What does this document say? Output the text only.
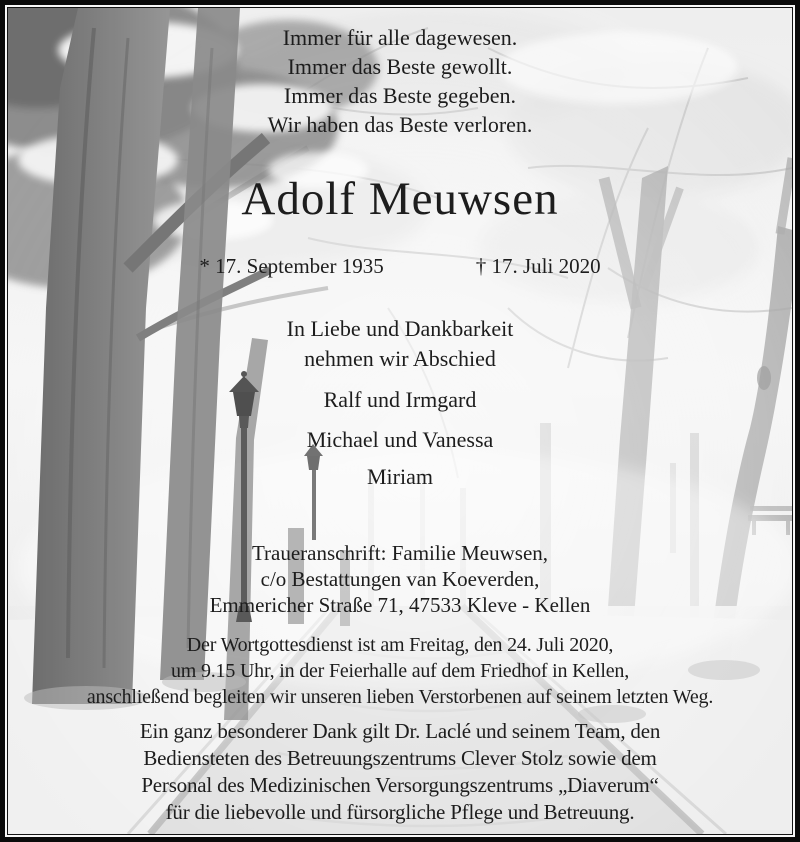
Immer für alle dagewesen.
Immer das Beste gewollt.
Immer das Beste gegeben.
Wir haben das Beste verloren.
Adolf Meuwsen
* 17. September 1935	† 17. Juli 2020
In Liebe und Dankbarkeit
nehmen wir Abschied
Ralf und Irmgard
Michael und Vanessa
Miriam
Traueranschrift: Familie Meuwsen,
c/o Bestattungen van Koeverden,
Emmericher Straße 71, 47533 Kleve - Kellen
Der Wortgottesdienst ist am Freitag, den 24. Juli 2020,
um 9.15 Uhr, in der Feierhalle auf dem Friedhof in Kellen,
anschließend begleiten wir unseren lieben Verstorbenen auf seinem letzten Weg.
Ein ganz besonderer Dank gilt Dr. Laclé und seinem Team, den
Bediensteten des Betreuungszentrums Clever Stolz sowie dem
Personal des Medizinischen Versorgungszentrums „Diaverum“
für die liebevolle und fürsorgliche Pflege und Betreuung.
